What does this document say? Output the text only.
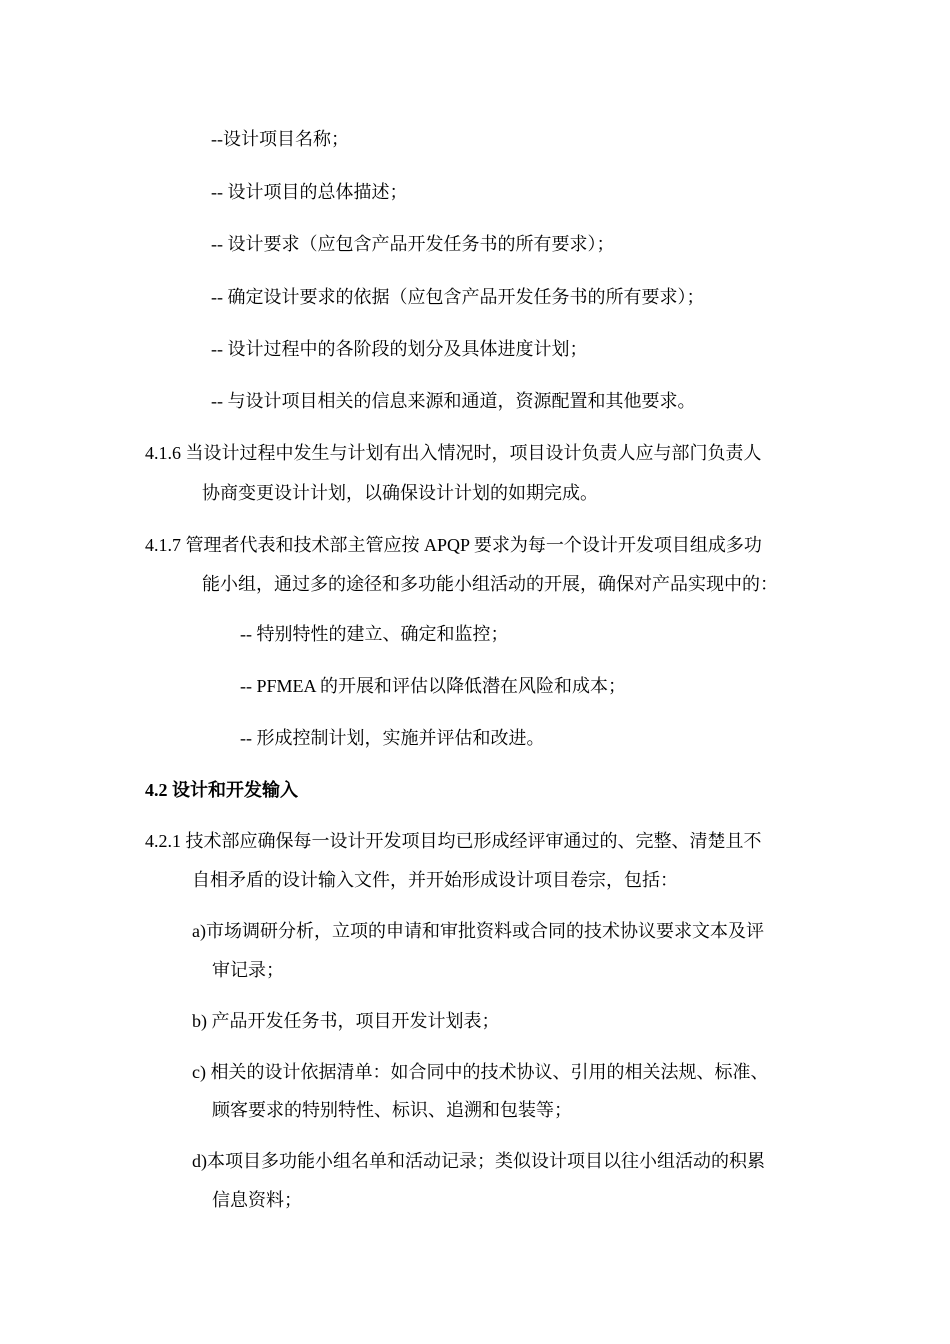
--设计项目名称；
-- 设计项目的总体描述；
-- 设计要求（应包含产品开发任务书的所有要求）；
-- 确定设计要求的依据（应包含产品开发任务书的所有要求）；
-- 设计过程中的各阶段的划分及具体进度计划；
-- 与设计项目相关的信息来源和通道，资源配置和其他要求。
4.1.6 当设计过程中发生与计划有出入情况时，项目设计负责人应与部门负责人
协商变更设计计划，以确保设计计划的如期完成。
4.1.7 管理者代表和技术部主管应按 APQP 要求为每一个设计开发项目组成多功
能小组，通过多的途径和多功能小组活动的开展，确保对产品实现中的：
-- 特别特性的建立、确定和监控；
-- PFMEA 的开展和评估以降低潜在风险和成本；
-- 形成控制计划，实施并评估和改进。
4.2 设计和开发输入
4.2.1 技术部应确保每一设计开发项目均已形成经评审通过的、完整、清楚且不
自相矛盾的设计输入文件，并开始形成设计项目卷宗，包括：
a)市场调研分析，立项的申请和审批资料或合同的技术协议要求文本及评
审记录；
b) 产品开发任务书，项目开发计划表；
c) 相关的设计依据清单：如合同中的技术协议、引用的相关法规、标准、
顾客要求的特别特性、标识、追溯和包装等；
d)本项目多功能小组名单和活动记录；类似设计项目以往小组活动的积累
信息资料；
